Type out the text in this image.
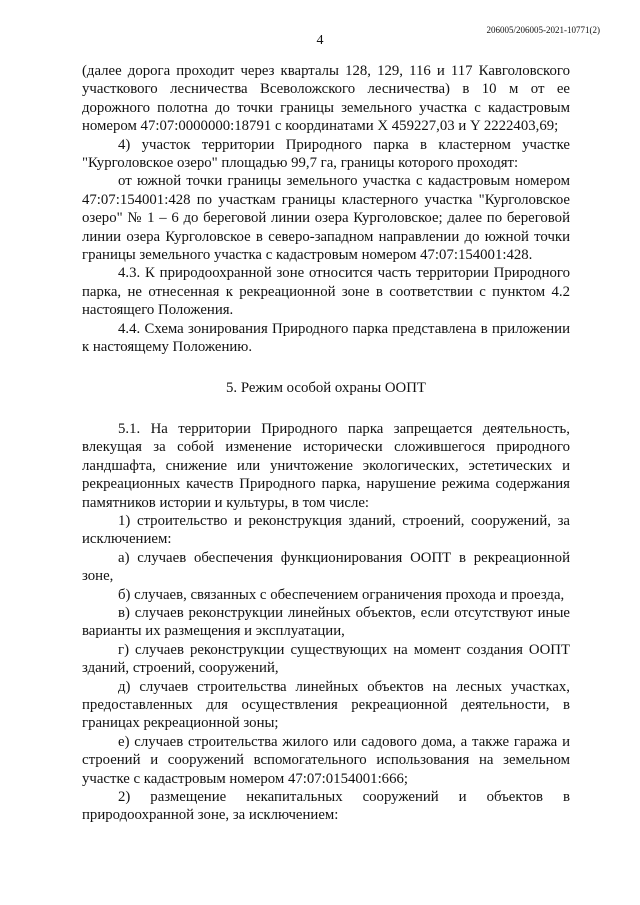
4
206005/206005-2021-10771(2)

(далее дорога проходит через кварталы 128, 129, 116 и 117 Кавголовского участкового лесничества Всеволожского лесничества) в 10 м от ее дорожного полотна до точки границы земельного участка с кадастровым номером 47:07:0000000:18791 с координатами X 459227,03 и Y 2222403,69;

4) участок территории Природного парка в кластерном участке "Курголовское озеро" площадью 99,7 га, границы которого проходят:

от южной точки границы земельного участка с кадастровым номером 47:07:154001:428 по участкам границы кластерного участка "Курголовское озеро" № 1 – 6 до береговой линии озера Курголовское; далее по береговой линии озера Курголовское в северо-западном направлении до южной точки границы земельного участка с кадастровым номером 47:07:154001:428.

4.3. К природоохранной зоне относится часть территории Природного парка, не отнесенная к рекреационной зоне в соответствии с пунктом 4.2 настоящего Положения.

4.4. Схема зонирования Природного парка представлена в приложении к настоящему Положению.

5. Режим особой охраны ООПТ

5.1. На территории Природного парка запрещается деятельность, влекущая за собой изменение исторически сложившегося природного ландшафта, снижение или уничтожение экологических, эстетических и рекреационных качеств Природного парка, нарушение режима содержания памятников истории и культуры, в том числе:

1) строительство и реконструкция зданий, строений, сооружений, за исключением:

а) случаев обеспечения функционирования ООПТ в рекреационной зоне,

б) случаев, связанных с обеспечением ограничения прохода и проезда,

в) случаев реконструкции линейных объектов, если отсутствуют иные варианты их размещения и эксплуатации,

г) случаев реконструкции существующих на момент создания ООПТ зданий, строений, сооружений,

д) случаев строительства линейных объектов на лесных участках, предоставленных для осуществления рекреационной деятельности, в границах рекреационной зоны;

е) случаев строительства жилого или садового дома, а также гаража и строений и сооружений вспомогательного использования на земельном участке с кадастровым номером 47:07:0154001:666;

2) размещение некапитальных сооружений и объектов в природоохранной зоне, за исключением:
